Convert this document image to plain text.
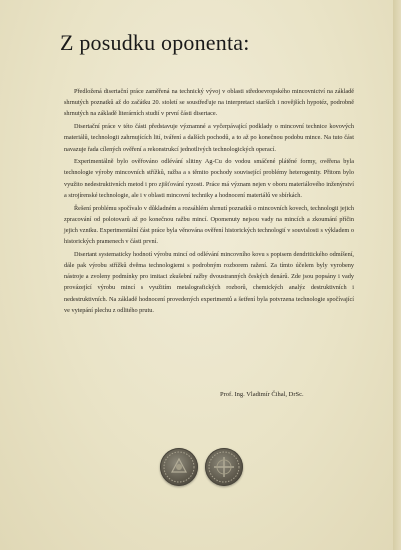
Z posudku oponenta:

Předložená disertační práce zaměřená na technický vývoj v oblasti středoevropského mincovnictví na základě shrnutých poznatků až do začátku 20. století se soustřeďuje na interpretaci starších i novějších hypotéz, podrobně shrnutých na základě literárních studií v první části disertace.

Disertační práce v této části představuje významné a vyčerpávající podklady o mincovní technice kovových materiálů, technologii zahrnujících lití, tváření a dalších pochodů, a to až po konečnou podobu mince. Na tuto část navazuje řada cílených ověření a rekonstrukcí jednotlivých technologických operací.

Experimentálně bylo ověřováno odlévání slitiny Ag-Cu do vodou smáčené plátěné formy, ověřena byla technologie výroby mincovních střížků, ražba a s těmito pochody související problémy heterogenity. Přitom bylo využito nedestruktivních metod i pro zjišťování ryzosti. Práce má význam nejen v oboru materiálového inženýrství a strojírenské technologie, ale i v oblasti mincovní techniky a hodnocení materiálů ve sbírkách.

Řešení problému spočívalo v důkladném a rozsáhlém shrnutí poznatků o mincovních kovech, technologii jejich zpracování od polotovarů až po konečnou ražbu mincí. Opomenuty nejsou vady na mincích a zkoumání příčin jejich vzniku. Experimentální část práce byla věnována ověření historických technologií v souvislosti s výkladem o historických pramenech v části první.

Disertant systematicky hodnotí výrobu mincí od odlévání mincovního kovu s popisem dendritického odmíšení, dále pak výrobu střížků dvěma technologiemi s podrobným rozborem ražení. Za tímto účelem byly vyrobeny nástroje a zvoleny podmínky pro imitaci zkušební ražby dvoustranných českých denárů. Zde jsou popsány i vady provázející výrobu mincí s využitím metalografických rozborů, chemických analýz destruktivních i nedestruktivních. Na základě hodnocení provedených experimentů a šetření byla potvrzena technologie spočívající ve vytepání plechu z odlitého prutu.

Prof. Ing. Vladimír Čihal, DrSc.
